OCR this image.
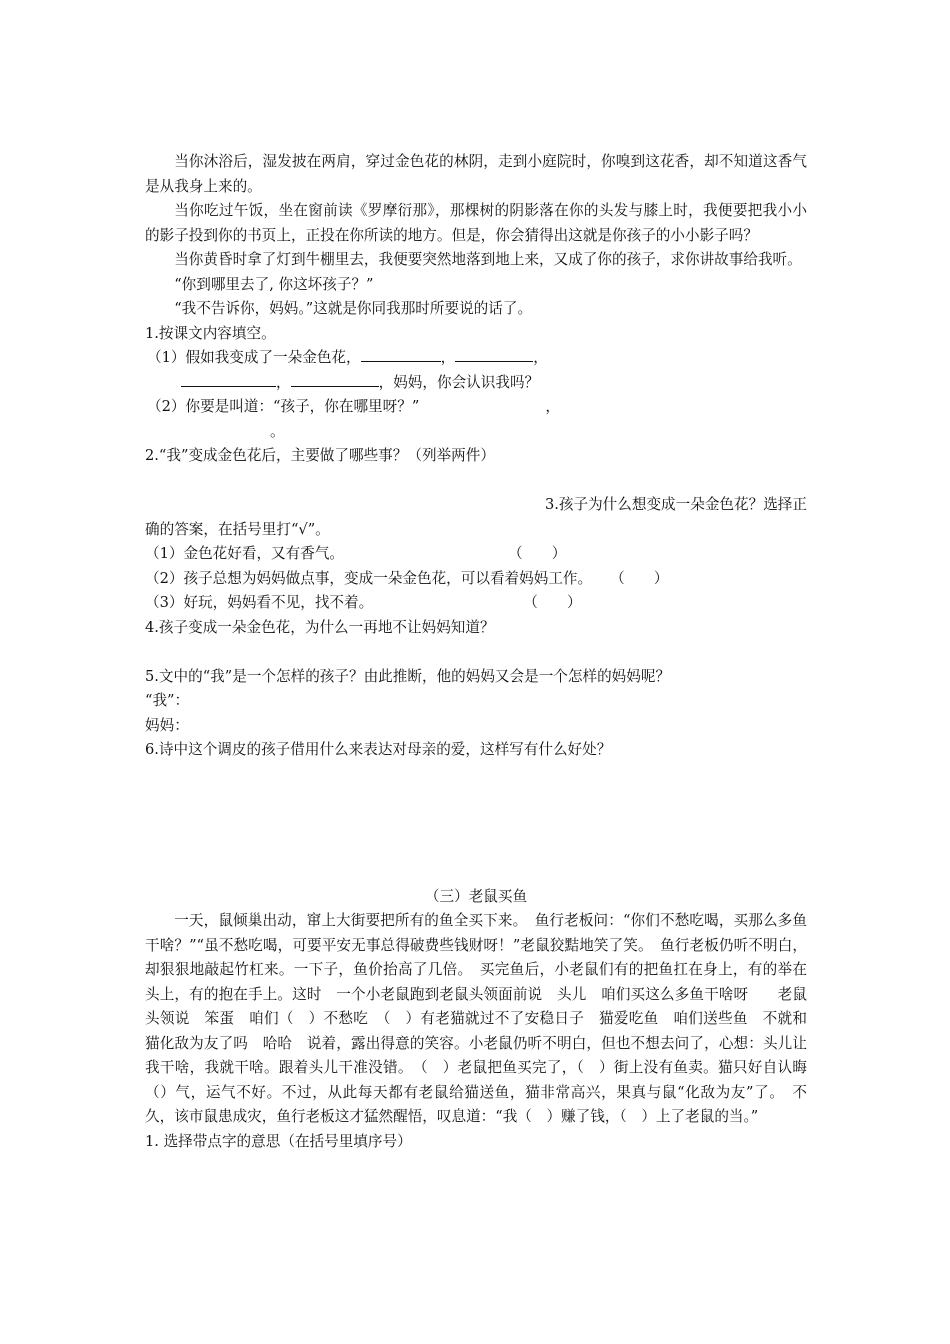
当你沐浴后，湿发披在两肩，穿过金色花的林阴，走到小庭院时，你嗅到这花香，却不知道这香气是从我身上来的。

当你吃过午饭，坐在窗前读《罗摩衍那》，那棵树的阴影落在你的头发与膝上时，我便要把我小小的影子投到你的书页上，正投在你所读的地方。但是，你会猜得出这就是你孩子的小小影子吗？

当你黄昏时拿了灯到牛棚里去，我便要突然地落到地上来，又成了你的孩子，求你讲故事给我听。

“你到哪里去了, 你这坏孩子？”

“我不告诉你，妈妈。”这就是你同我那时所要说的话了。

1.按课文内容填空。

（1）假如我变成了一朵金色花，	，	，

，	，妈妈，你会认识我吗？

（2）你要是叫道：“孩子，你在哪里呀？”	，

。

2.“我”变成金色花后，主要做了哪些事？（列举两件）

3.孩子为什么想变成一朵金色花？选择正

确的答案，在括号里打“√”。

（1）金色花好看，又有香气。	（　　）

（2）孩子总想为妈妈做点事，变成一朵金色花，可以看着妈妈工作。 （　　）

（3）好玩，妈妈看不见，找不着。	（　　）

4.孩子变成一朵金色花，为什么一再地不让妈妈知道？

5.文中的“我”是一个怎样的孩子？由此推断，他的妈妈又会是一个怎样的妈妈呢？

“我”：

妈妈：

6.诗中这个调皮的孩子借用什么来表达对母亲的爱，这样写有什么好处？

（三）老鼠买鱼

一天，鼠倾巢出动，窜上大街要把所有的鱼全买下来。　鱼行老板问：“你们不愁吃喝，买那么多鱼干啥？”“虽不愁吃喝，可要平安无事总得破费些钱财呀！”老鼠狡黠地笑了笑。　鱼行老板仍听不明白，却狠狠地敲起竹杠来。一下子，鱼价抬高了几倍。　买完鱼后，小老鼠们有的把鱼扛在身上，有的举在头上，有的抱在手上。这时　一个小老鼠跑到老鼠头领面前说　头儿　咱们买这么多鱼干啥呀　　老鼠头领说　笨蛋　咱们（　）不愁吃　（　）有老猫就过不了安稳日子　猫爱吃鱼　咱们送些鱼　不就和猫化敌为友了吗　哈哈　说着，露出得意的笑容。小老鼠仍听不明白，但也不想去问了，心想：头儿让我干啥，我就干啥。跟着头儿干准没错。　（　）老鼠把鱼买完了，（　）街上没有鱼卖。猫只好自认晦（）气，运气不好。不过，从此每天都有老鼠给猫送鱼，猫非常高兴，果真与鼠“化敌为友”了。　不久，该市鼠患成灾，鱼行老板这才猛然醒悟，叹息道：“我（　）赚了钱，（　）上了老鼠的当。”

1. 选择带点字的意思（在括号里填序号）
